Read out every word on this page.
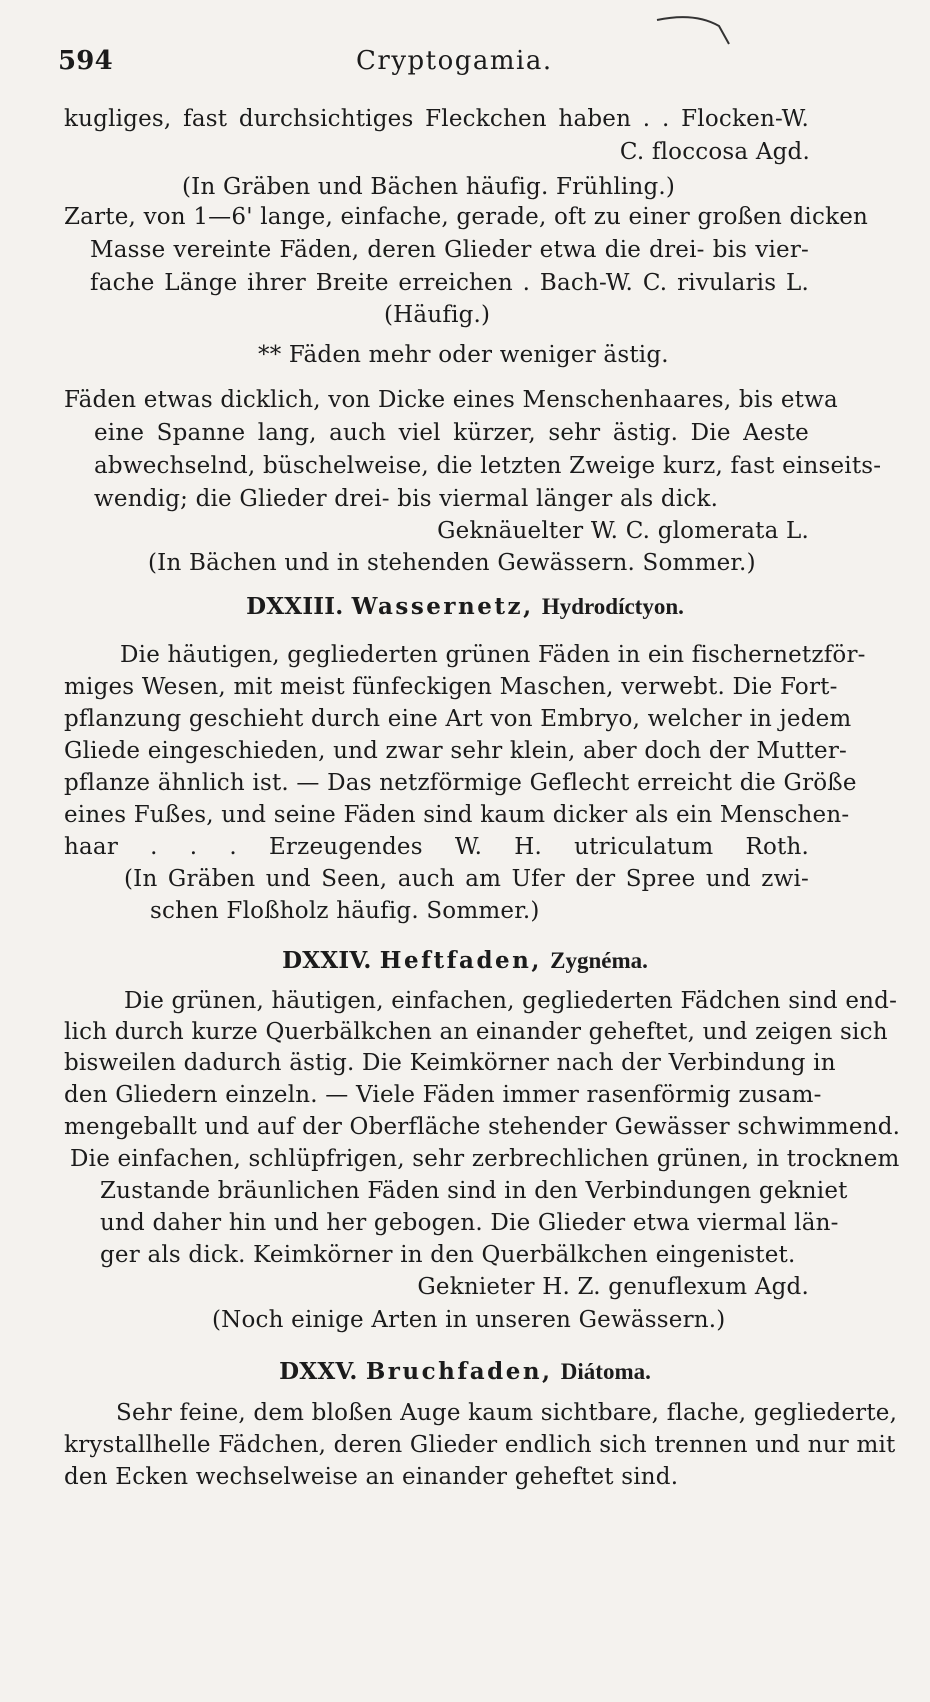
594	Cryptogamia.
kugliges, fast durchsichtiges Fleckchen haben . . Flocken-W.
C. floccosa Agd.
(In Gräben und Bächen häufig. Frühling.)
Zarte, von 1—6' lange, einfache, gerade, oft zu einer großen dicken
Masse vereinte Fäden, deren Glieder etwa die drei- bis vier-
fache Länge ihrer Breite erreichen . Bach-W. C. rivularis L.
(Häufig.)
** Fäden mehr oder weniger ästig.
Fäden etwas dicklich, von Dicke eines Menschenhaares, bis etwa
eine Spanne lang, auch viel kürzer, sehr ästig. Die Aeste
abwechselnd, büschelweise, die letzten Zweige kurz, fast einseits-
wendig; die Glieder drei- bis viermal länger als dick.
Geknäuelter W. C. glomerata L.
(In Bächen und in stehenden Gewässern. Sommer.)
DXXIII. Wassernetz, Hydrodíctyon.
Die häutigen, gegliederten grünen Fäden in ein fischernetzför-
miges Wesen, mit meist fünfeckigen Maschen, verwebt. Die Fort-
pflanzung geschieht durch eine Art von Embryo, welcher in jedem
Gliede eingeschieden, und zwar sehr klein, aber doch der Mutter-
pflanze ähnlich ist. — Das netzförmige Geflecht erreicht die Größe
eines Fußes, und seine Fäden sind kaum dicker als ein Menschen-
haar . . . Erzeugendes W. H. utriculatum Roth.
(In Gräben und Seen, auch am Ufer der Spree und zwi-
schen Floßholz häufig. Sommer.)
DXXIV. Heftfaden, Zygnéma.
Die grünen, häutigen, einfachen, gegliederten Fädchen sind end-
lich durch kurze Querbälkchen an einander geheftet, und zeigen sich
bisweilen dadurch ästig. Die Keimkörner nach der Verbindung in
den Gliedern einzeln. — Viele Fäden immer rasenförmig zusam-
mengeballt und auf der Oberfläche stehender Gewässer schwimmend.
Die einfachen, schlüpfrigen, sehr zerbrechlichen grünen, in trocknem
Zustande bräunlichen Fäden sind in den Verbindungen gekniet
und daher hin und her gebogen. Die Glieder etwa viermal län-
ger als dick. Keimkörner in den Querbälkchen eingenistet.
Geknieter H. Z. genuflexum Agd.
(Noch einige Arten in unseren Gewässern.)
DXXV. Bruchfaden, Diátoma.
Sehr feine, dem bloßen Auge kaum sichtbare, flache, gegliederte,
krystallhelle Fädchen, deren Glieder endlich sich trennen und nur mit
den Ecken wechselweise an einander geheftet sind.
